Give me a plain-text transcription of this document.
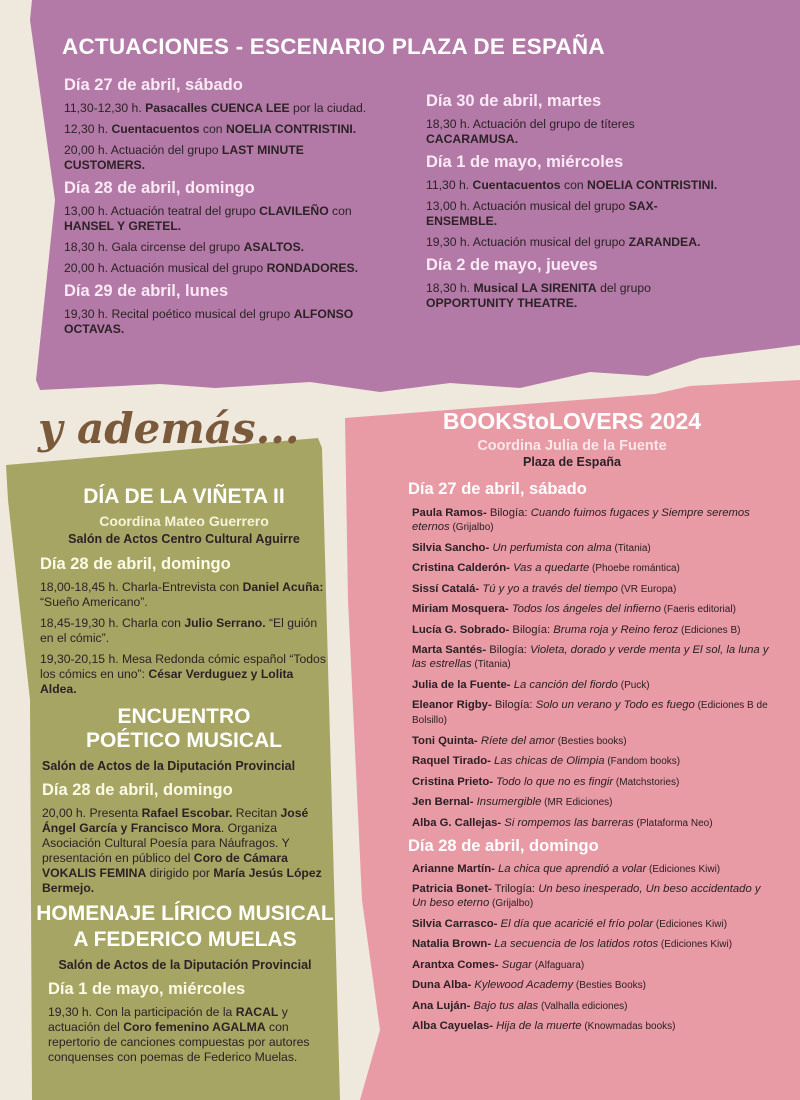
ACTUACIONES - ESCENARIO PLAZA DE ESPAÑA
Día 27 de abril, sábado
11,30-12,30 h. Pasacalles CUENCA LEE por la ciudad.
12,30 h. Cuentacuentos con NOELIA CONTRISTINI.
20,00 h. Actuación del grupo LAST MINUTE CUSTOMERS.
Día 28 de abril, domingo
13,00 h. Actuación teatral del grupo CLAVILEÑO con HANSEL Y GRETEL.
18,30 h. Gala circense del grupo ASALTOS.
20,00 h. Actuación musical del grupo RONDADORES.
Día 29 de abril, lunes
19,30 h. Recital poético musical del grupo ALFONSO OCTAVAS.
Día 30 de abril, martes
18,30 h. Actuación del grupo de títeres CACARAMUSA.
Día 1 de mayo, miércoles
11,30 h. Cuentacuentos con NOELIA CONTRISTINI.
13,00 h. Actuación musical del grupo SAX-ENSEMBLE.
19,30 h. Actuación musical del grupo ZARANDEA.
Día 2 de mayo, jueves
18,30 h. Musical LA SIRENITA del grupo OPPORTUNITY THEATRE.
y además...
DÍA DE LA VIÑETA II
Coordina Mateo Guerrero
Salón de Actos Centro Cultural Aguirre
Día 28 de abril, domingo
18,00-18,45 h. Charla-Entrevista con Daniel Acuña: “Sueño Americano”.
18,45-19,30 h. Charla con Julio Serrano. “El guión en el cómic”.
19,30-20,15 h. Mesa Redonda cómic español “Todos los cómics en uno”: César Verduguez y Lolita Aldea.
ENCUENTRO
POÉTICO MUSICAL
Salón de Actos de la Diputación Provincial
Día 28 de abril, domingo
20,00 h. Presenta Rafael Escobar. Recitan José Ángel García y Francisco Mora. Organiza Asociación Cultural Poesía para Náufragos. Y presentación en público del Coro de Cámara VOKALIS FEMINA dirigido por María Jesús López Bermejo.
HOMENAJE LÍRICO MUSICAL
A FEDERICO MUELAS
Salón de Actos de la Diputación Provincial
Día 1 de mayo, miércoles
19,30 h. Con la participación de la RACAL y actuación del Coro femenino AGALMA con repertorio de canciones compuestas por autores conquenses con poemas de Federico Muelas.
BOOKStoLOVERS 2024
Coordina Julia de la Fuente
Plaza de España
Día 27 de abril, sábado
Paula Ramos- Bilogía: Cuando fuimos fugaces y Siempre seremos eternos (Grijalbo)
Silvia Sancho- Un perfumista con alma (Titania)
Cristina Calderón- Vas a quedarte (Phoebe romántica)
Sissí Catalá- Tú y yo a través del tiempo (VR Europa)
Miriam Mosquera- Todos los ángeles del infierno (Faeris editorial)
Lucía G. Sobrado- Bilogía: Bruma roja y Reino feroz (Ediciones B)
Marta Santés- Bilogía: Violeta, dorado y verde menta y El sol, la luna y las estrellas (Titania)
Julia de la Fuente- La canción del fiordo (Puck)
Eleanor Rigby- Bilogía: Solo un verano y Todo es fuego (Ediciones B de Bolsillo)
Toni Quinta- Ríete del amor (Besties books)
Raquel Tirado- Las chicas de Olimpia (Fandom books)
Cristina Prieto- Todo lo que no es fingir (Matchstories)
Jen Bernal- Insumergible (MR Ediciones)
Alba G. Callejas- Si rompemos las barreras (Plataforma Neo)
Día 28 de abril, domingo
Arianne Martín- La chica que aprendió a volar (Ediciones Kiwi)
Patricia Bonet- Trilogía: Un beso inesperado, Un beso accidentado y Un beso eterno (Grijalbo)
Silvia Carrasco- El día que acaricié el frío polar (Ediciones Kiwi)
Natalia Brown- La secuencia de los latidos rotos (Ediciones Kiwi)
Arantxa Comes- Sugar (Alfaguara)
Duna Alba- Kylewood Academy (Besties Books)
Ana Luján- Bajo tus alas (Valhalla ediciones)
Alba Cayuelas- Hija de la muerte (Knowmadas books)
